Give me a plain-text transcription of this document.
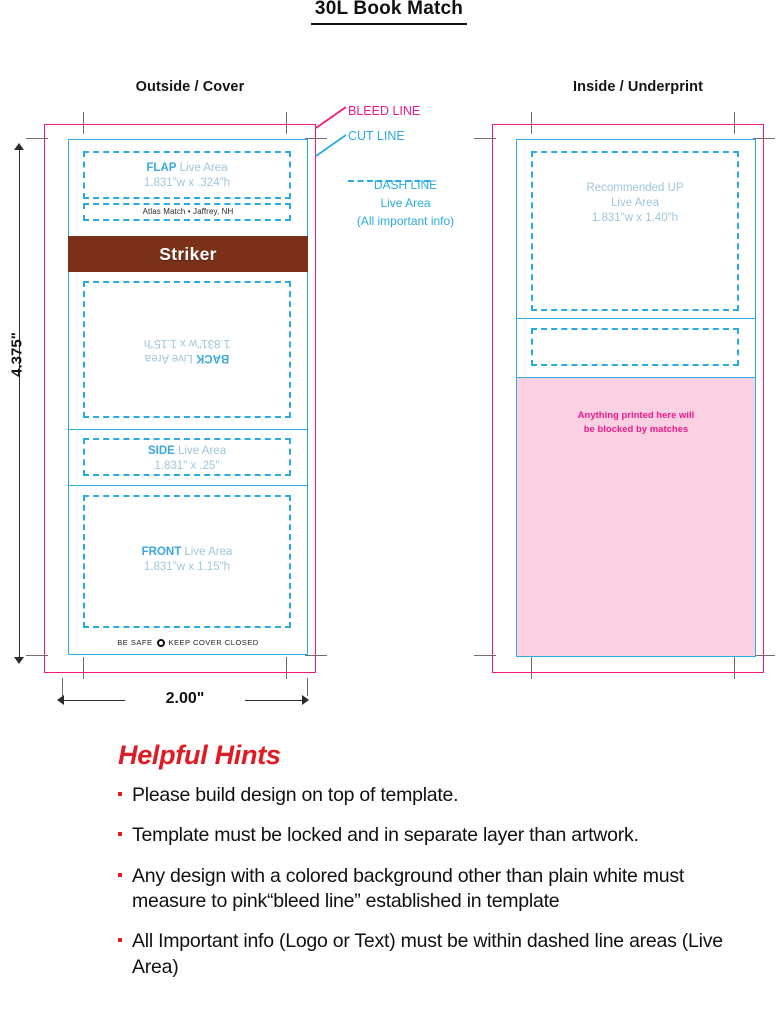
30L Book Match
Outside / Cover	Inside / Underprint
FLAP Live Area
1.831"w x .324"h
Atlas Match • Jaffrey, NH
Striker
BACK Live Area
1.831"w x 1.15"h
SIDE Live Area
1.831" x .25"
FRONT Live Area
1.831"w x 1.15"h
BE SAFE KEEP COVER CLOSED
Recommended UP
Live Area
1.831"w x 1.40"h
Anything printed here will
be blocked by matches
BLEED LINE
CUT LINE
DASH LINE
Live Area
(All important info)
4.375"
2.00"
Helpful Hints
Please build design on top of template.
Template must be locked and in separate layer than artwork.
Any design with a colored background other than plain white must measure to pink“bleed line” established in template
All Important info (Logo or Text) must be within dashed line areas (Live Area)
